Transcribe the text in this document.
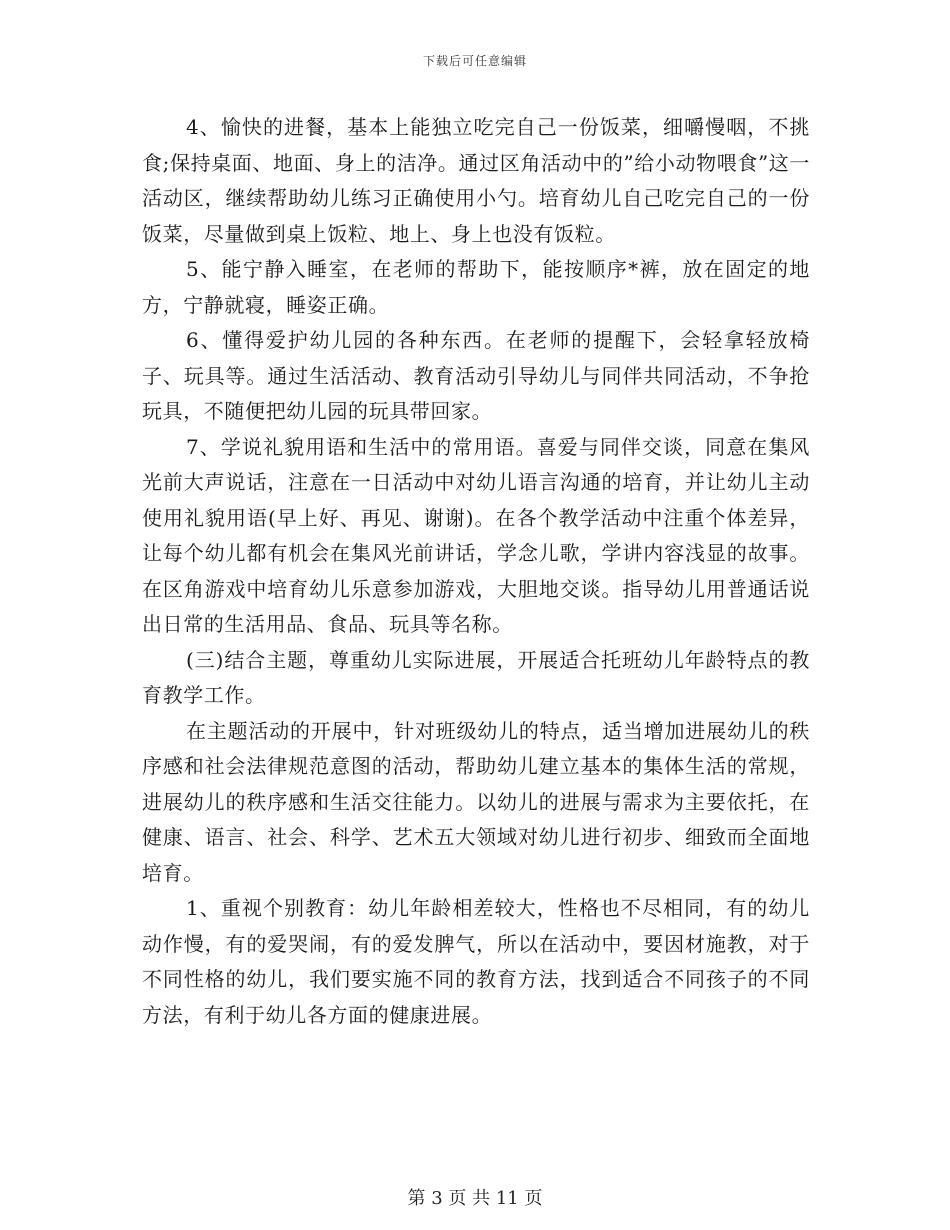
下载后可任意编辑

4、愉快的进餐，基本上能独立吃完自己一份饭菜，细嚼慢咽，不挑食;保持桌面、地面、身上的洁净。通过区角活动中的”给小动物喂食”这一活动区，继续帮助幼儿练习正确使用小勺。培育幼儿自己吃完自己的一份饭菜，尽量做到桌上饭粒、地上、身上也没有饭粒。

5、能宁静入睡室，在老师的帮助下，能按顺序*裤，放在固定的地方，宁静就寝，睡姿正确。

6、懂得爱护幼儿园的各种东西。在老师的提醒下，会轻拿轻放椅子、玩具等。通过生活活动、教育活动引导幼儿与同伴共同活动，不争抢玩具，不随便把幼儿园的玩具带回家。

7、学说礼貌用语和生活中的常用语。喜爱与同伴交谈，同意在集风光前大声说话，注意在一日活动中对幼儿语言沟通的培育，并让幼儿主动使用礼貌用语(早上好、再见、谢谢)。在各个教学活动中注重个体差异，让每个幼儿都有机会在集风光前讲话，学念儿歌，学讲内容浅显的故事。在区角游戏中培育幼儿乐意参加游戏，大胆地交谈。指导幼儿用普通话说出日常的生活用品、食品、玩具等名称。

(三)结合主题，尊重幼儿实际进展，开展适合托班幼儿年龄特点的教育教学工作。

在主题活动的开展中，针对班级幼儿的特点，适当增加进展幼儿的秩序感和社会法律规范意图的活动，帮助幼儿建立基本的集体生活的常规，进展幼儿的秩序感和生活交往能力。以幼儿的进展与需求为主要依托，在健康、语言、社会、科学、艺术五大领域对幼儿进行初步、细致而全面地培育。

1、重视个别教育：幼儿年龄相差较大，性格也不尽相同，有的幼儿动作慢，有的爱哭闹，有的爱发脾气，所以在活动中，要因材施教，对于不同性格的幼儿，我们要实施不同的教育方法，找到适合不同孩子的不同方法，有利于幼儿各方面的健康进展。

第 3 页 共 11 页
